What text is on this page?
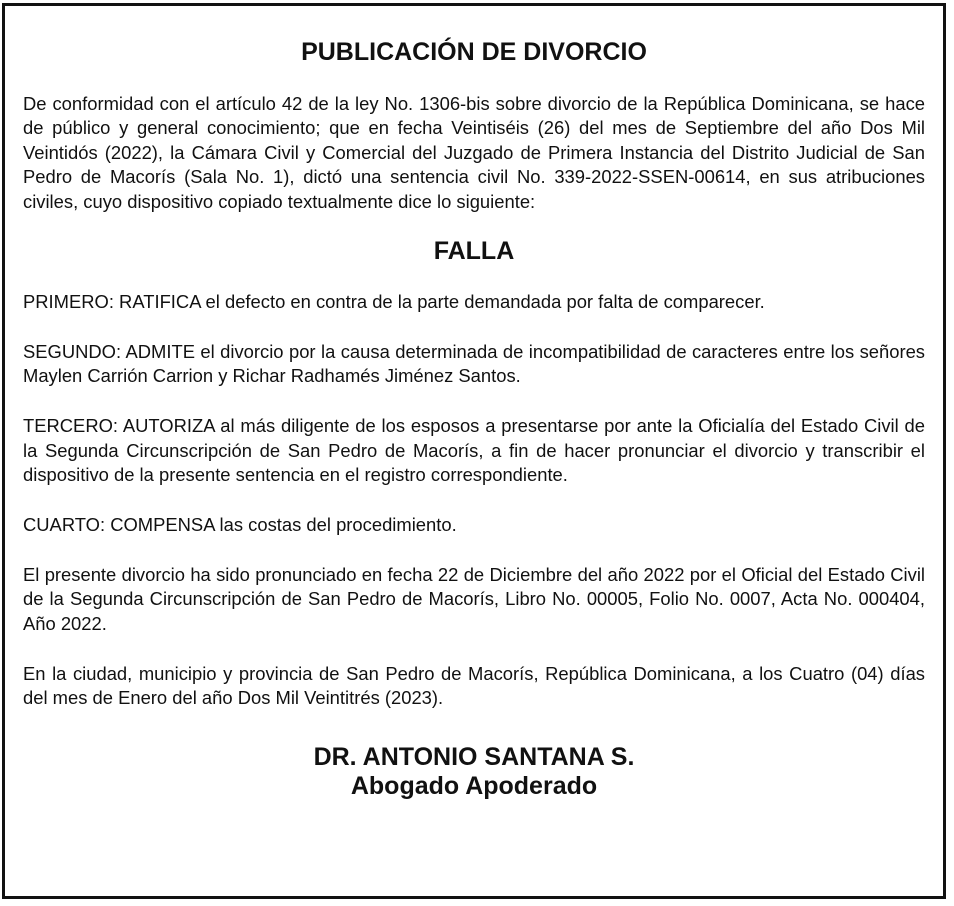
PUBLICACIÓN DE DIVORCIO

De conformidad con el artículo 42 de la ley No. 1306-bis sobre divorcio de la República Dominicana, se hace de público y general conocimiento; que en fecha Veintiséis (26) del mes de Septiembre del año Dos Mil Veintidós (2022), la Cámara Civil y Comercial del Juzgado de Primera Instancia del Distrito Judicial de San Pedro de Macorís (Sala No. 1), dictó una sentencia civil No. 339-2022-SSEN-00614, en sus atribuciones civiles, cuyo dispositivo copiado textualmente dice lo siguiente:

FALLA

PRIMERO: RATIFICA el defecto en contra de la parte demandada por falta de comparecer.

SEGUNDO: ADMITE el divorcio por la causa determinada de incompatibilidad de caracteres entre los señores Maylen Carrión Carrion y Richar Radhamés Jiménez Santos.

TERCERO: AUTORIZA al más diligente de los esposos a presentarse por ante la Oficialía del Estado Civil de la Segunda Circunscripción de San Pedro de Macorís, a fin de hacer pronunciar el divorcio y transcribir el dispositivo de la presente sentencia en el registro correspondiente.

CUARTO: COMPENSA las costas del procedimiento.

El presente divorcio ha sido pronunciado en fecha 22 de Diciembre del año 2022 por el Oficial del Estado Civil de la Segunda Circunscripción de San Pedro de Macorís, Libro No. 00005, Folio No. 0007, Acta No. 000404, Año 2022.

En la ciudad, municipio y provincia de San Pedro de Macorís, República Dominicana, a los Cuatro (04) días del mes de Enero del año Dos Mil Veintitrés (2023).

DR. ANTONIO SANTANA S.
Abogado Apoderado
